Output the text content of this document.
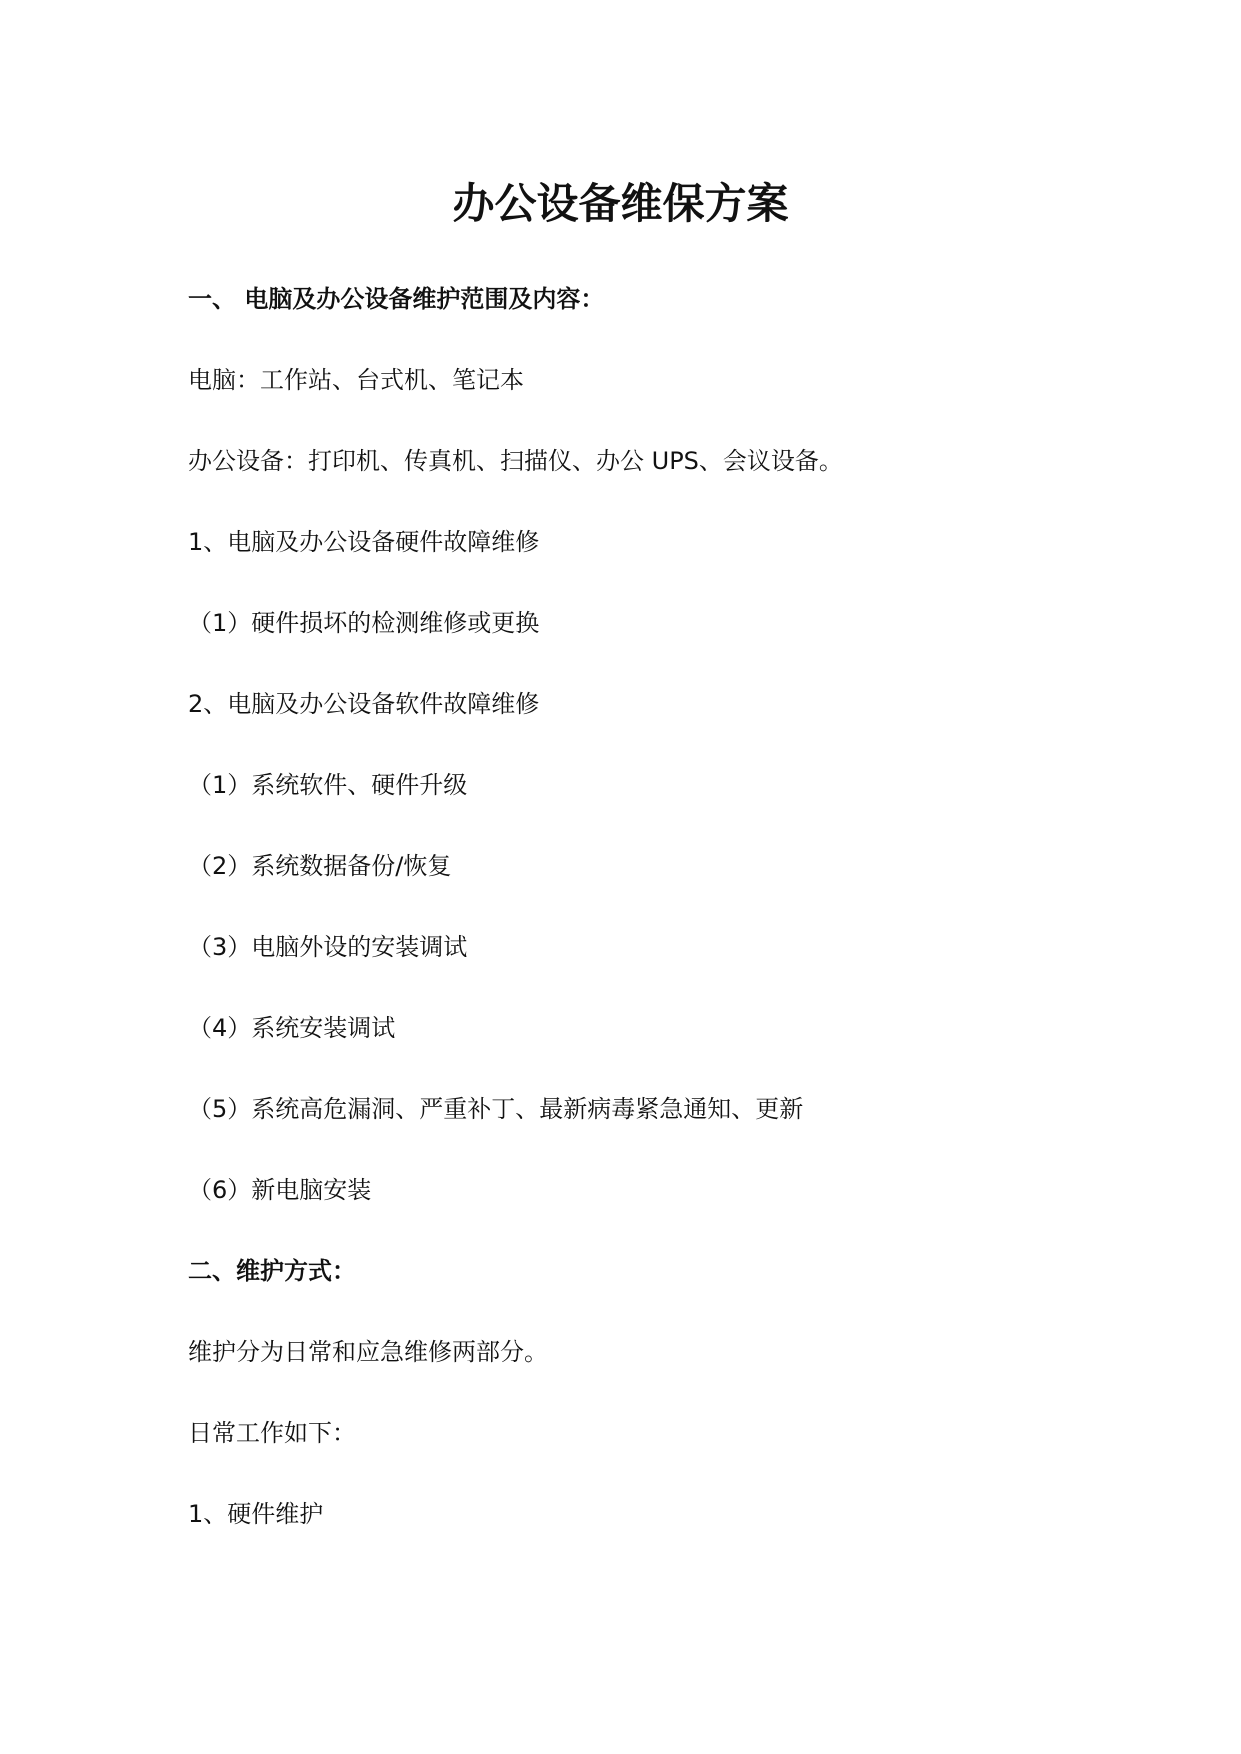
办公设备维保方案
一、 电脑及办公设备维护范围及内容：
电脑：工作站、台式机、笔记本
办公设备：打印机、传真机、扫描仪、办公 UPS、会议设备。
1、电脑及办公设备硬件故障维修
（1）硬件损坏的检测维修或更换
2、电脑及办公设备软件故障维修
（1）系统软件、硬件升级
（2）系统数据备份/恢复
（3）电脑外设的安装调试
（4）系统安装调试
（5）系统高危漏洞、严重补丁、最新病毒紧急通知、更新
（6）新电脑安装
二、维护方式：
维护分为日常和应急维修两部分。
日常工作如下：
1、硬件维护
